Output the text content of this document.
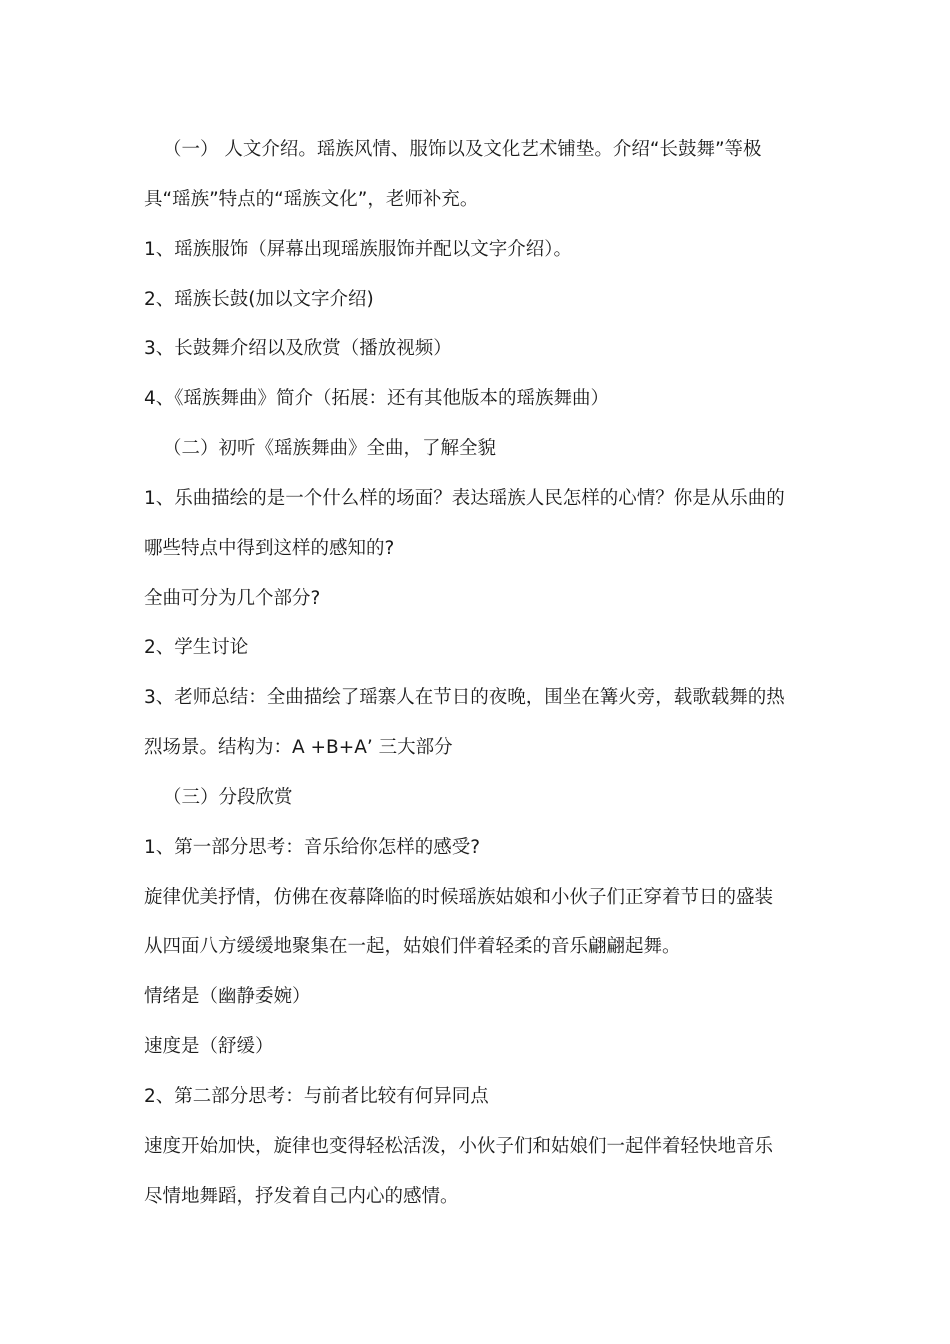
（一） 人文介绍。瑶族风情、服饰以及文化艺术铺垫。介绍“长鼓舞”等极
具“瑶族”特点的“瑶族文化”，老师补充。
1、瑶族服饰（屏幕出现瑶族服饰并配以文字介绍）。
2、瑶族长鼓(加以文字介绍)
3、长鼓舞介绍以及欣赏（播放视频）
4、《瑶族舞曲》简介（拓展：还有其他版本的瑶族舞曲）
（二）初听《瑶族舞曲》全曲，了解全貌
1、乐曲描绘的是一个什么样的场面？表达瑶族人民怎样的心情？你是从乐曲的
哪些特点中得到这样的感知的?
全曲可分为几个部分?
2、学生讨论
3、老师总结：全曲描绘了瑶寨人在节日的夜晚，围坐在篝火旁，载歌载舞的热
烈场景。结构为：A +B+A’ 三大部分
（三）分段欣赏
1、第一部分思考：音乐给你怎样的感受?
旋律优美抒情，仿佛在夜幕降临的时候瑶族姑娘和小伙子们正穿着节日的盛装
从四面八方缓缓地聚集在一起，姑娘们伴着轻柔的音乐翩翩起舞。
情绪是（幽静委婉）
速度是（舒缓）
2、第二部分思考：与前者比较有何异同点
速度开始加快，旋律也变得轻松活泼，小伙子们和姑娘们一起伴着轻快地音乐
尽情地舞蹈，抒发着自己内心的感情。
